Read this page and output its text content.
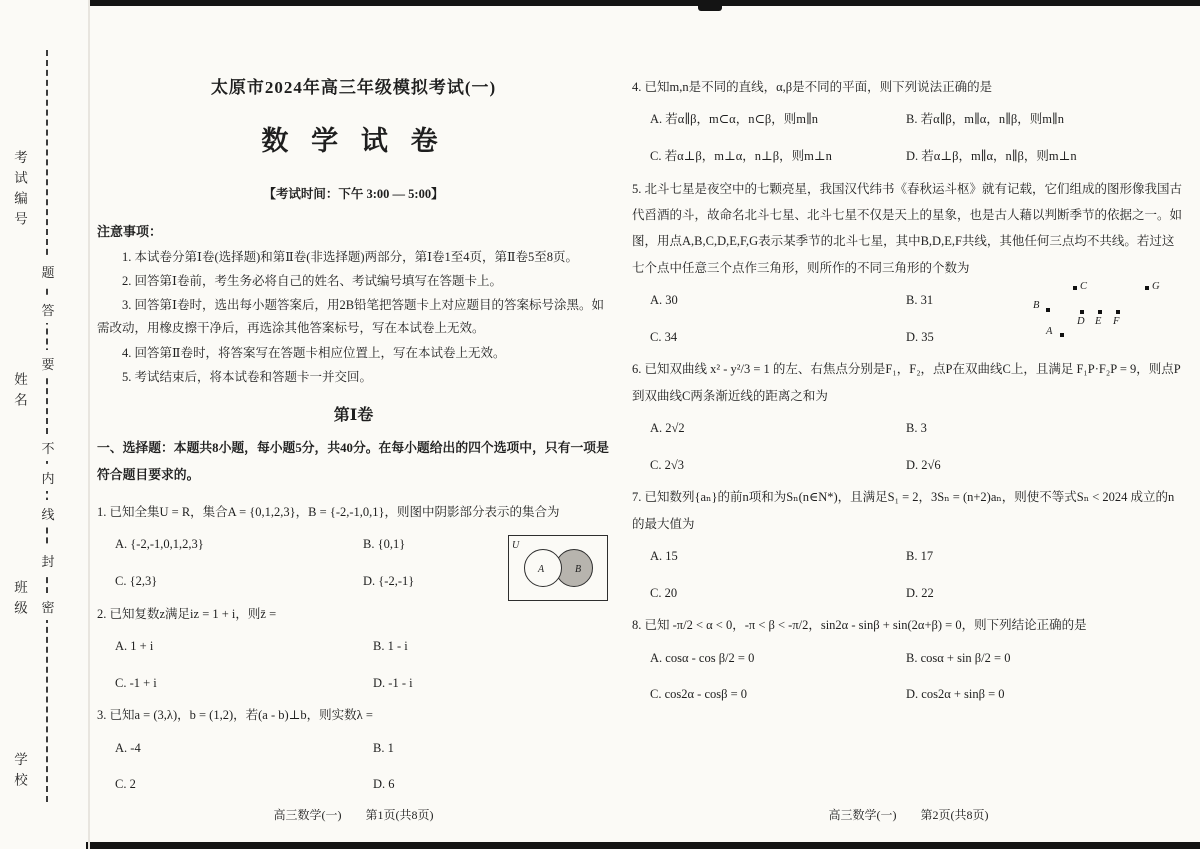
考试编号
姓名
班级
学校
题
答
要
不
内
线
封
密
太原市2024年高三年级模拟考试(一)
数 学 试 卷
【考试时间：下午 3:00 — 5:00】
注意事项：

1. 本试卷分第Ⅰ卷(选择题)和第Ⅱ卷(非选择题)两部分，第Ⅰ卷1至4页，第Ⅱ卷5至8页。

2. 回答第Ⅰ卷前，考生务必将自己的姓名、考试编号填写在答题卡上。

3. 回答第Ⅰ卷时，选出每小题答案后，用2B铅笔把答题卡上对应题目的答案标号涂黑。如需改动，用橡皮擦干净后，再选涂其他答案标号，写在本试卷上无效。

4. 回答第Ⅱ卷时，将答案写在答题卡相应位置上，写在本试卷上无效。

5. 考试结束后，将本试卷和答题卡一并交回。

第Ⅰ卷
一、选择题：本题共8小题，每小题5分，共40分。在每小题给出的四个选项中，只有一项是符合题目要求的。
1. 已知全集U = R，集合A = {0,1,2,3}，B = {-2,-1,0,1}，则图中阴影部分表示的集合为
U
A	B
A. {-2,-1,0,1,2,3}	B. {0,1}
C. {2,3}	D. {-2,-1}
2. 已知复数z满足iz = 1 + i，则z̄ =
A. 1 + i	B. 1 - i
C. -1 + i	D. -1 - i
3. 已知a = (3,λ)，b = (1,2)，若(a - b)⊥b，则实数λ =
A. -4	B. 1
C. 2	D. 6
4. 已知m,n是不同的直线，α,β是不同的平面，则下列说法正确的是
A. 若α∥β，m⊂α，n⊂β，则m∥n	B. 若α∥β，m∥α，n∥β，则m∥n
C. 若α⊥β，m⊥α，n⊥β，则m⊥n	D. 若α⊥β，m∥α，n∥β，则m⊥n
5. 北斗七星是夜空中的七颗亮星，我国汉代纬书《春秋运斗枢》就有记载，它们组成的图形像我国古代舀酒的斗，故命名北斗七星、北斗七星不仅是天上的星象，也是古人藉以判断季节的依据之一。如图，用点A,B,C,D,E,F,G表示某季节的北斗七星，其中B,D,E,F共线，其他任何三点均不共线。若过这七个点中任意三个点作三角形，则所作的不同三角形的个数为
A. 30	B. 31
C. 34	D. 35
C	G
B
D E F
A
6. 已知双曲线 x² - y²/3 = 1 的左、右焦点分别是F₁，F₂，点P在双曲线C上，且满足 F₁P·F₂P = 9，则点P到双曲线C两条渐近线的距离之和为
A. 2√2	B. 3
C. 2√3	D. 2√6
7. 已知数列{aₙ}的前n项和为Sₙ(n∈N*)，且满足S₁ = 2，3Sₙ = (n+2)aₙ，则使不等式Sₙ < 2024 成立的n的最大值为
A. 15	B. 17
C. 20	D. 22
8. 已知 -π/2 < α < 0，-π < β < -π/2，sin2α - sinβ + sin(2α+β) = 0，则下列结论正确的是
A. cosα - cos β/2 = 0	B. cosα + sin β/2 = 0
C. cos2α - cosβ = 0	D. cos2α + sinβ = 0
高三数学(一)　　第1页(共8页)	高三数学(一)　　第2页(共8页)
